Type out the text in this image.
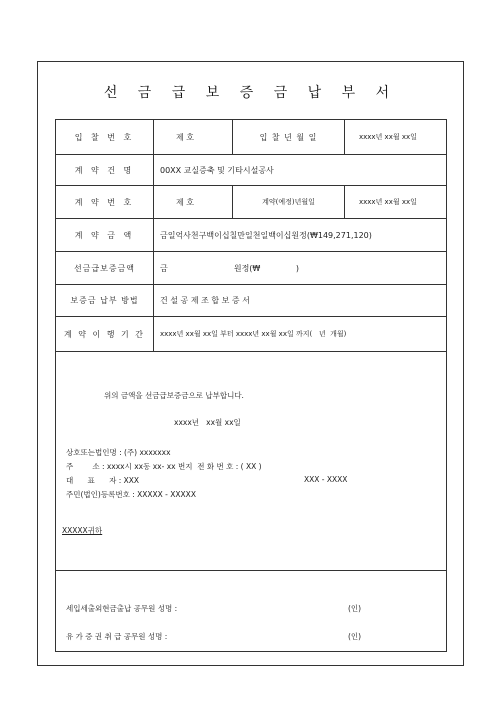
선 금 급 보 증 금 납 부 서
입 찰 번 호	제 호	입 찰 년 월 일	xxxx년 xx월 xx일
계 약 건 명	00XX 교실증축 및 기타시설공사
계 약 번 호	제 호	계약(예정)년월일	xxxx년 xx월 xx일
계 약 금 액	금일억사천구백이십칠만일천일백이십원정(₩149,271,120)
선금급보증금액	금                          원정(₩              )
보증금 납부 방법	건 설 공 제 조 합 보 증 서
계 약 이 행 기 간	xxxx년 xx월 xx일 부터 xxxx년 xx월 xx일 까지(   년  개월)
위의 금액을 선금급보증금으로 납부합니다.
xxxx년   xx월 xx일
상호또는법인명 : (주) xxxxxxx
주        소 : xxxx시 xx동 xx- xx 번지  전 화 번 호 : ( XX )
대      표      자 : XXX	XXX - XXXX
주민(법인)등록번호 : XXXXX - XXXXX
XXXXX귀하
세입세출외현금출납 공무원 성명 :	(인)
유 가 증 권 취 급 공무원 성명 :	(인)
